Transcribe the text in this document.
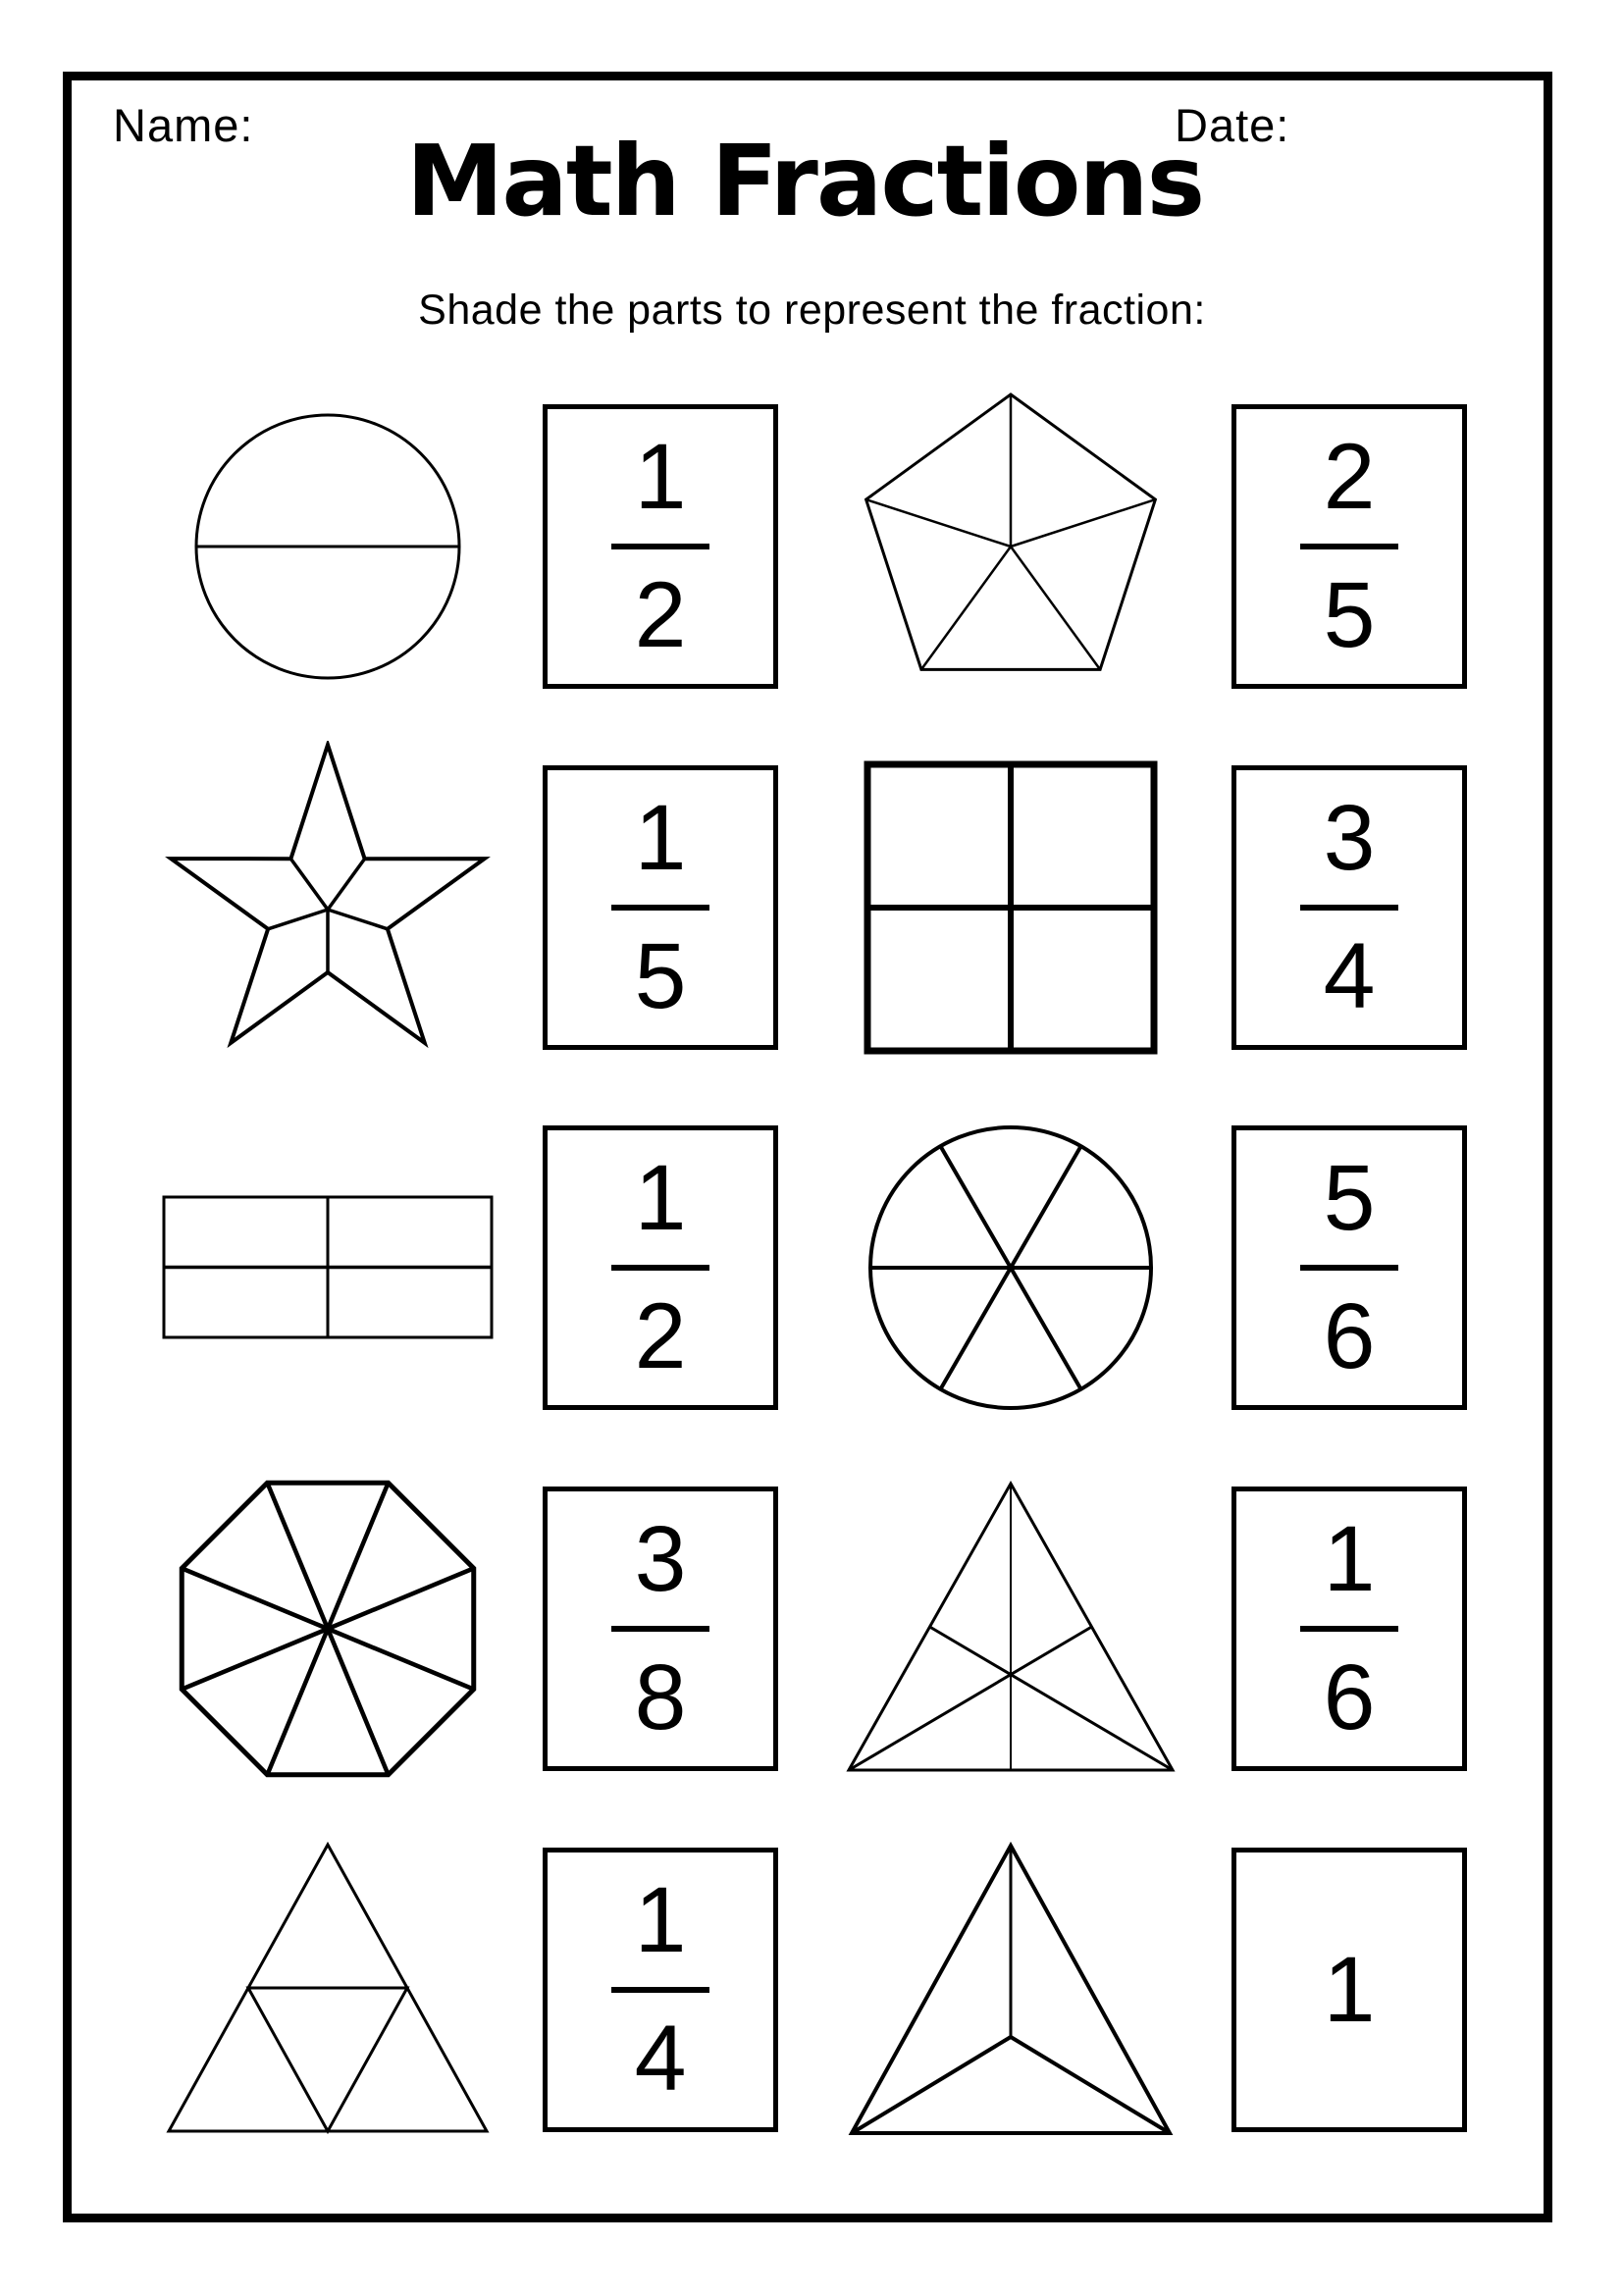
Name:	Date:
Math Fractions
Shade the parts to represent the fraction:
1
2
2
5
1
5
3
4
1
2
5
6
3
8
1
6
1
4
1
